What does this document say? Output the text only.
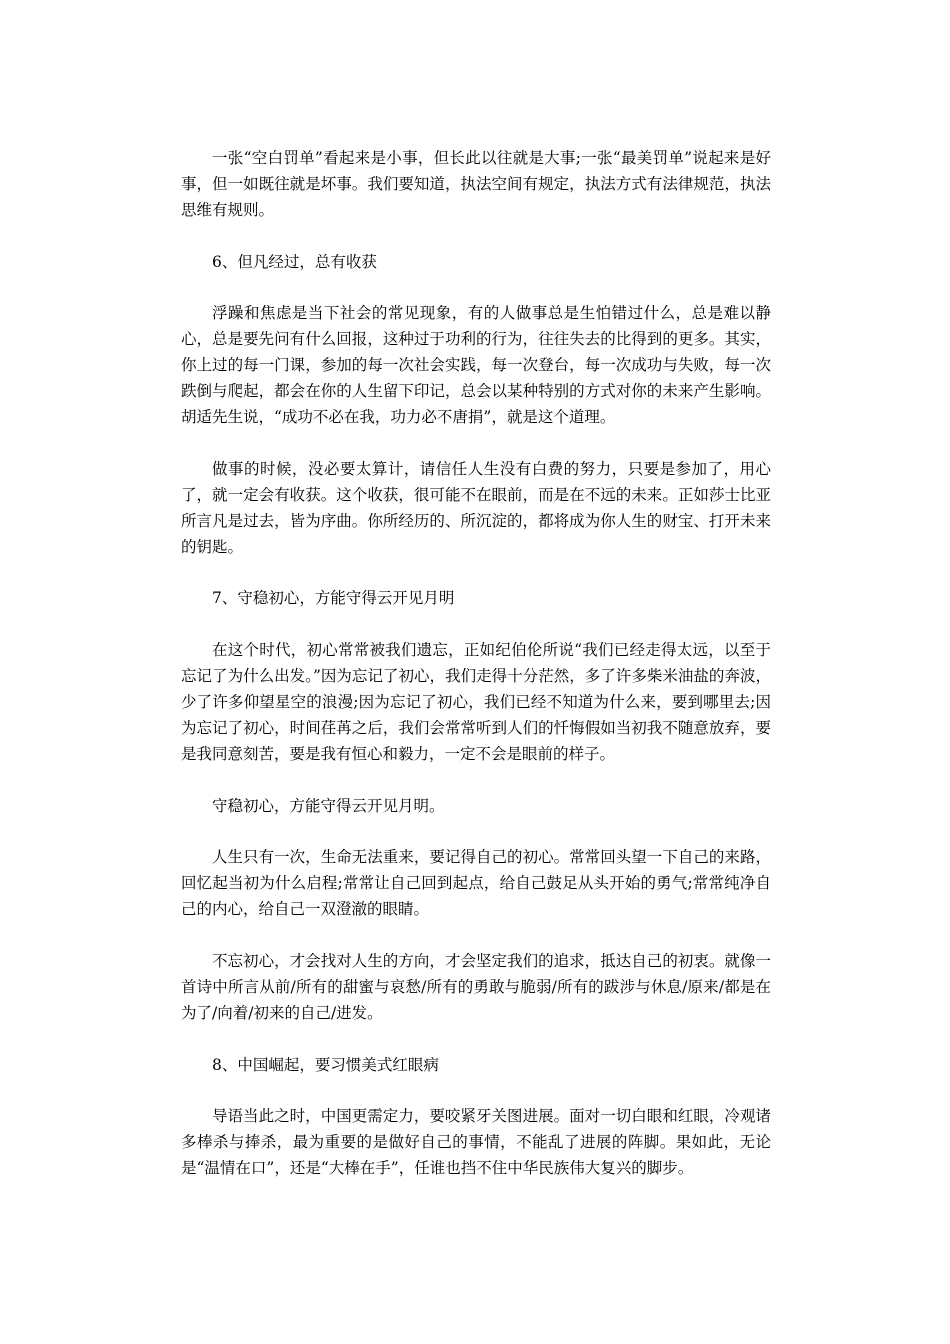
一张“空白罚单”看起来是小事，但长此以往就是大事;一张“最美罚单”说起来是好事，但一如既往就是坏事。我们要知道，执法空间有规定，执法方式有法律规范，执法思维有规则。

6、但凡经过，总有收获

浮躁和焦虑是当下社会的常见现象，有的人做事总是生怕错过什么，总是难以静心，总是要先问有什么回报，这种过于功利的行为，往往失去的比得到的更多。其实，你上过的每一门课，参加的每一次社会实践，每一次登台，每一次成功与失败，每一次跌倒与爬起，都会在你的人生留下印记，总会以某种特别的方式对你的未来产生影响。胡适先生说，“成功不必在我，功力必不唐捐”，就是这个道理。

做事的时候，没必要太算计，请信任人生没有白费的努力，只要是参加了，用心了，就一定会有收获。这个收获，很可能不在眼前，而是在不远的未来。正如莎士比亚所言凡是过去，皆为序曲。你所经历的、所沉淀的，都将成为你人生的财宝、打开未来的钥匙。

7、守稳初心，方能守得云开见月明

在这个时代，初心常常被我们遗忘，正如纪伯伦所说“我们已经走得太远，以至于忘记了为什么出发。”因为忘记了初心，我们走得十分茫然，多了许多柴米油盐的奔波，少了许多仰望星空的浪漫;因为忘记了初心，我们已经不知道为什么来，要到哪里去;因为忘记了初心，时间荏苒之后，我们会常常听到人们的忏悔假如当初我不随意放弃，要是我同意刻苦，要是我有恒心和毅力，一定不会是眼前的样子。

守稳初心，方能守得云开见月明。

人生只有一次，生命无法重来，要记得自己的初心。常常回头望一下自己的来路，回忆起当初为什么启程;常常让自己回到起点，给自己鼓足从头开始的勇气;常常纯净自己的内心，给自己一双澄澈的眼睛。

不忘初心，才会找对人生的方向，才会坚定我们的追求，抵达自己的初衷。就像一首诗中所言从前/所有的甜蜜与哀愁/所有的勇敢与脆弱/所有的跋涉与休息/原来/都是在为了/向着/初来的自己/进发。

8、中国崛起，要习惯美式红眼病

导语当此之时，中国更需定力，要咬紧牙关图进展。面对一切白眼和红眼，冷观诸多棒杀与捧杀，最为重要的是做好自己的事情，不能乱了进展的阵脚。果如此，无论是“温情在口”，还是“大棒在手”，任谁也挡不住中华民族伟大复兴的脚步。
